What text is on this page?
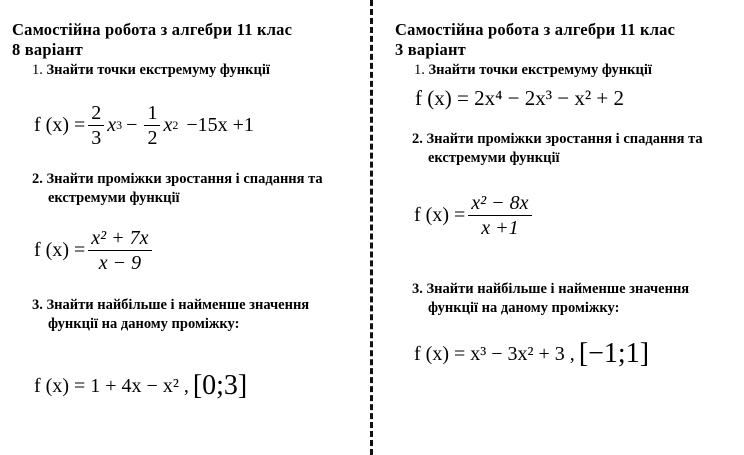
Самостійна робота з алгебри 11 клас
8 варіант
1. Знайти точки екстремуму функції
f $(x) = \frac{2}{3}$ x $3 - \frac{1}{2}$ x 2 −15x +1
2. Знайти проміжки зростання і спадання та
екстремуми функції
f $(x) = \frac{\text{x² + 7x}}{x - 9}$
3. Знайти найбільше і найменше значення
функції на даному проміжку:
f (x) = 1 + 4x − x² , [0;3]
Самостійна робота з алгебри 11 клас
3 варіант
1. Знайти точки екстремуму функції
f (x) = 2x⁴ − 2x³ − x² + 2
2. Знайти проміжки зростання і спадання та
екстремуми функції
f $(x) = \frac{\text{x² − 8x}}{x +1}$
3. Знайти найбільше і найменше значення
функції на даному проміжку:
f (x) = x³ − 3x² + 3 , [−1;1]
